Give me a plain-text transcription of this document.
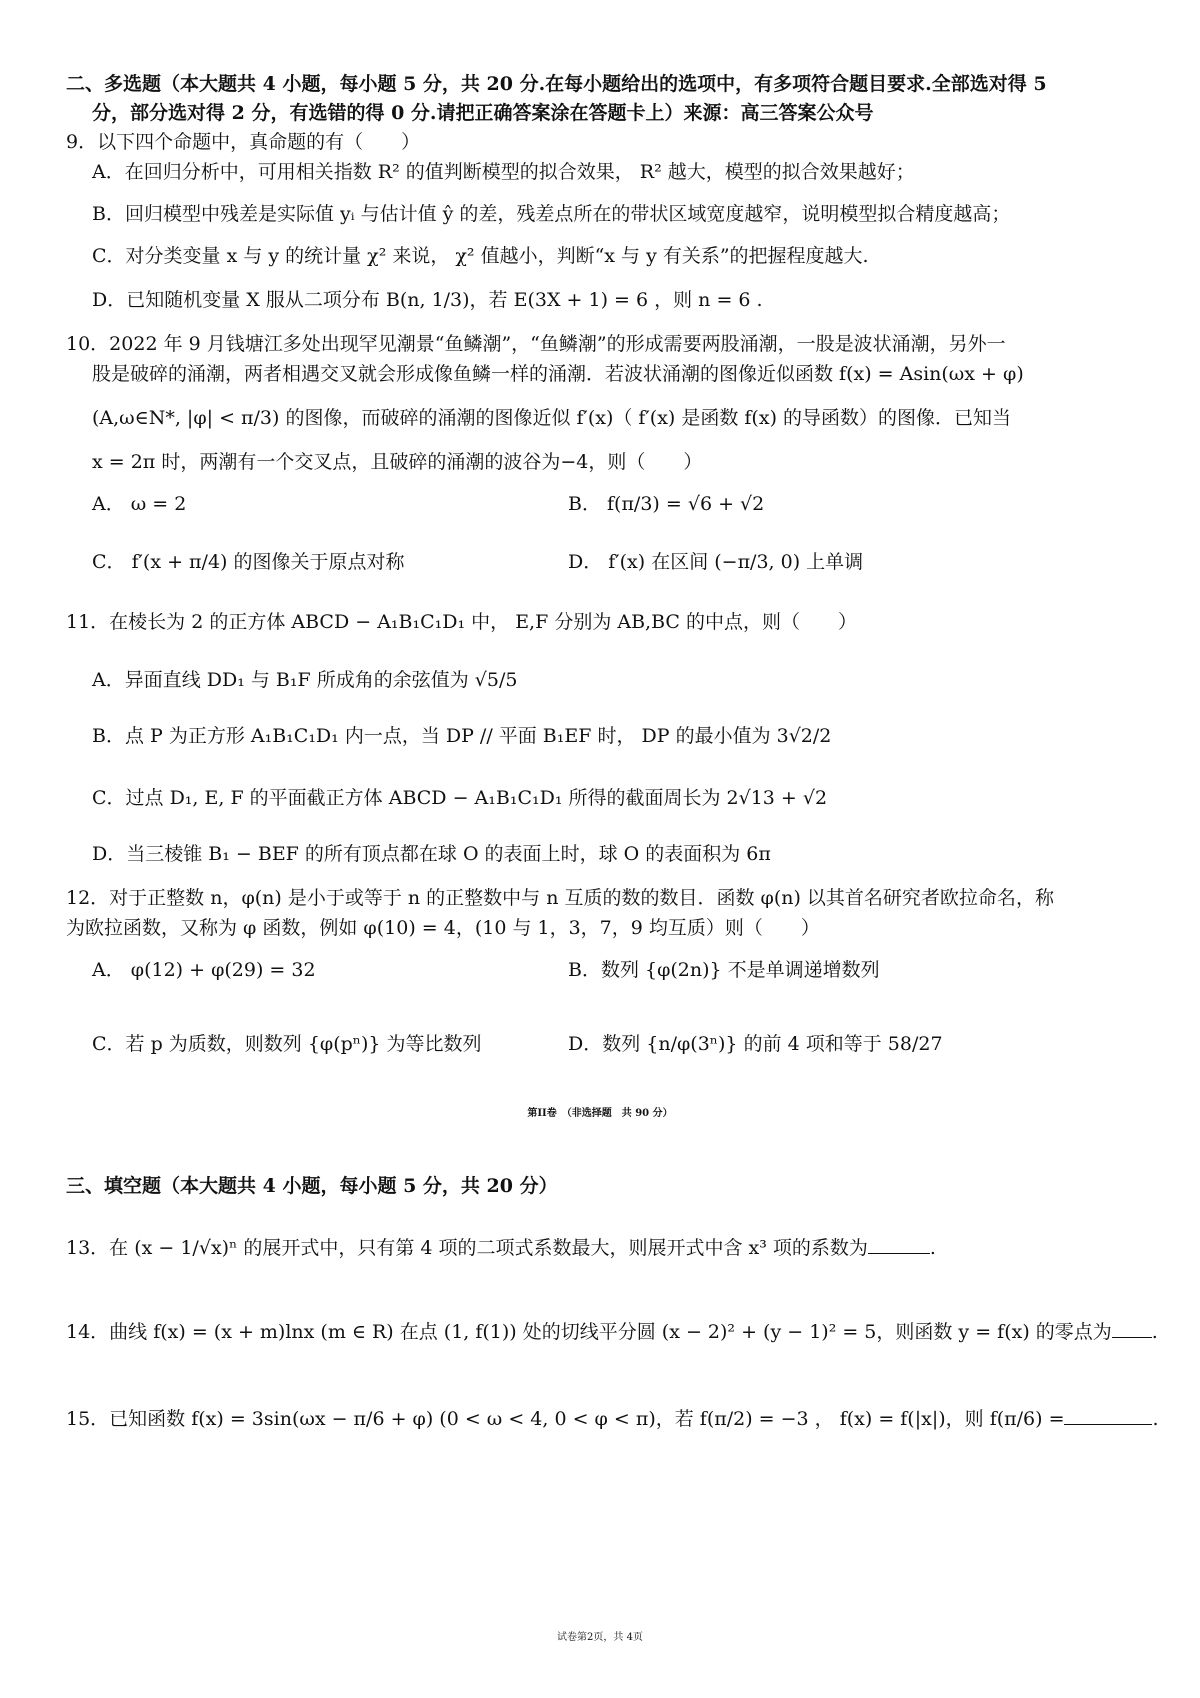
二、多选题（本大题共 4 小题，每小题 5 分，共 20 分.在每小题给出的选项中，有多项符合题目要求.全部选对得 5
分，部分选对得 2 分，有选错的得 0 分.请把正确答案涂在答题卡上）来源：高三答案公众号
9．以下四个命题中，真命题的有（　　）
A．在回归分析中，可用相关指数 R² 的值判断模型的拟合效果， R² 越大，模型的拟合效果越好；
B．回归模型中残差是实际值 yᵢ 与估计值 ŷ 的差，残差点所在的带状区域宽度越窄，说明模型拟合精度越高；
C．对分类变量 x 与 y 的统计量 χ² 来说， χ² 值越小，判断“x 与 y 有关系”的把握程度越大.
D．已知随机变量 X 服从二项分布 B(n, 1/3)，若 E(3X + 1) = 6 ，则 n = 6 .
10．2022 年 9 月钱塘江多处出现罕见潮景“鱼鳞潮”，“鱼鳞潮”的形成需要两股涌潮，一股是波状涌潮，另外一
股是破碎的涌潮，两者相遇交叉就会形成像鱼鳞一样的涌潮．若波状涌潮的图像近似函数 f(x) = Asin(ωx + φ)
(A,ω∈N*, |φ| < π/3) 的图像，而破碎的涌潮的图像近似 f′(x)（ f′(x) 是函数 f(x) 的导函数）的图像．已知当
x = 2π 时，两潮有一个交叉点，且破碎的涌潮的波谷为−4，则（　　）
A． ω = 2	B． f(π/3) = √6 + √2
C． f′(x + π/4) 的图像关于原点对称	D． f′(x) 在区间 (−π/3, 0) 上单调
11．在棱长为 2 的正方体 ABCD − A₁B₁C₁D₁ 中， E,F 分别为 AB,BC 的中点，则（　　）
A．异面直线 DD₁ 与 B₁F 所成角的余弦值为 √5/5
B．点 P 为正方形 A₁B₁C₁D₁ 内一点，当 DP // 平面 B₁EF 时， DP 的最小值为 3√2/2
C．过点 D₁, E, F 的平面截正方体 ABCD − A₁B₁C₁D₁ 所得的截面周长为 2√13 + √2
D．当三棱锥 B₁ − BEF 的所有顶点都在球 O 的表面上时，球 O 的表面积为 6π
12．对于正整数 n，φ(n) 是小于或等于 n 的正整数中与 n 互质的数的数目．函数 φ(n) 以其首名研究者欧拉命名，称
为欧拉函数，又称为 φ 函数，例如 φ(10) = 4，(10 与 1，3，7，9 均互质）则（　　）
A． φ(12) + φ(29) = 32	B．数列 {φ(2n)} 不是单调递增数列
C．若 p 为质数，则数列 {φ(pⁿ)} 为等比数列	D．数列 {n/φ(3ⁿ)} 的前 4 项和等于 58/27
第II卷　（非选择题　共 90 分）
三、填空题（本大题共 4 小题，每小题 5 分，共 20 分）
13．在 (x − 1/√x)ⁿ 的展开式中，只有第 4 项的二项式系数最大，则展开式中含 x³ 项的系数为	.
14．曲线 f(x) = (x + m)lnx (m ∈ R) 在点 (1, f(1)) 处的切线平分圆 (x − 2)² + (y − 1)² = 5，则函数 y = f(x) 的零点为 .
15．已知函数 f(x) = 3sin(ωx − π/6 + φ) (0 < ω < 4, 0 < φ < π)，若 f(π/2) = −3 ， f(x) = f(|x|)，则 f(π/6) =	.
试卷第2页，共 4页
